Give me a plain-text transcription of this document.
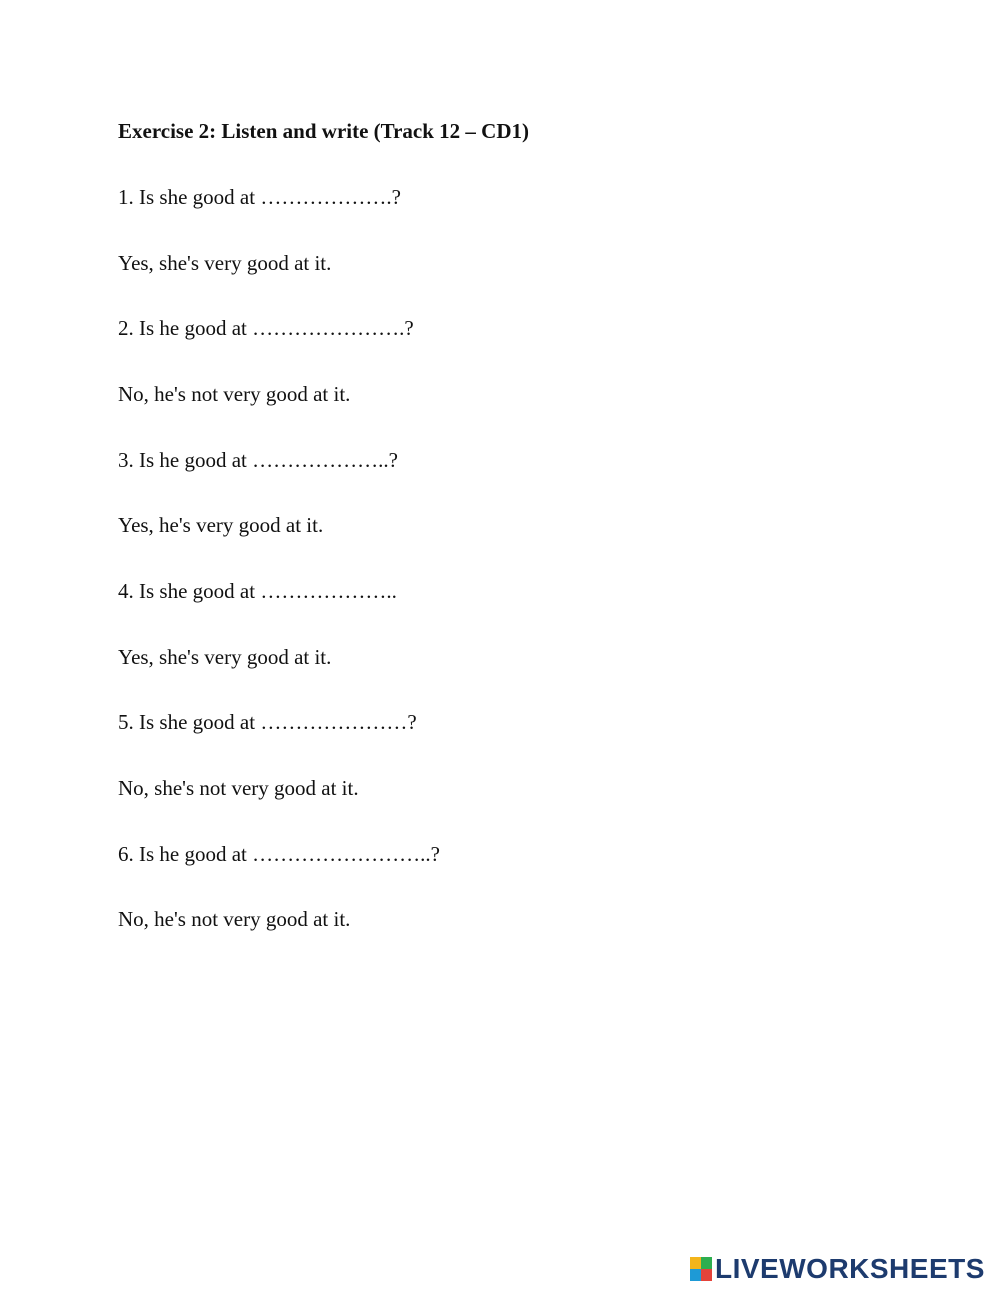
Exercise 2: Listen and write (Track 12 – CD1)
1. Is she good at ……………….?
Yes, she's very good at it.
2. Is he good at ………………….?
No, he's not very good at it.
3. Is he good at ………………..?
Yes, he's very good at it.
4. Is she good at ………………..
Yes, she's very good at it.
5. Is she good at …………………?
No, she's not very good at it.
6. Is he good at ……………………..?
No, he's not very good at it.
LIVEWORKSHEETS
